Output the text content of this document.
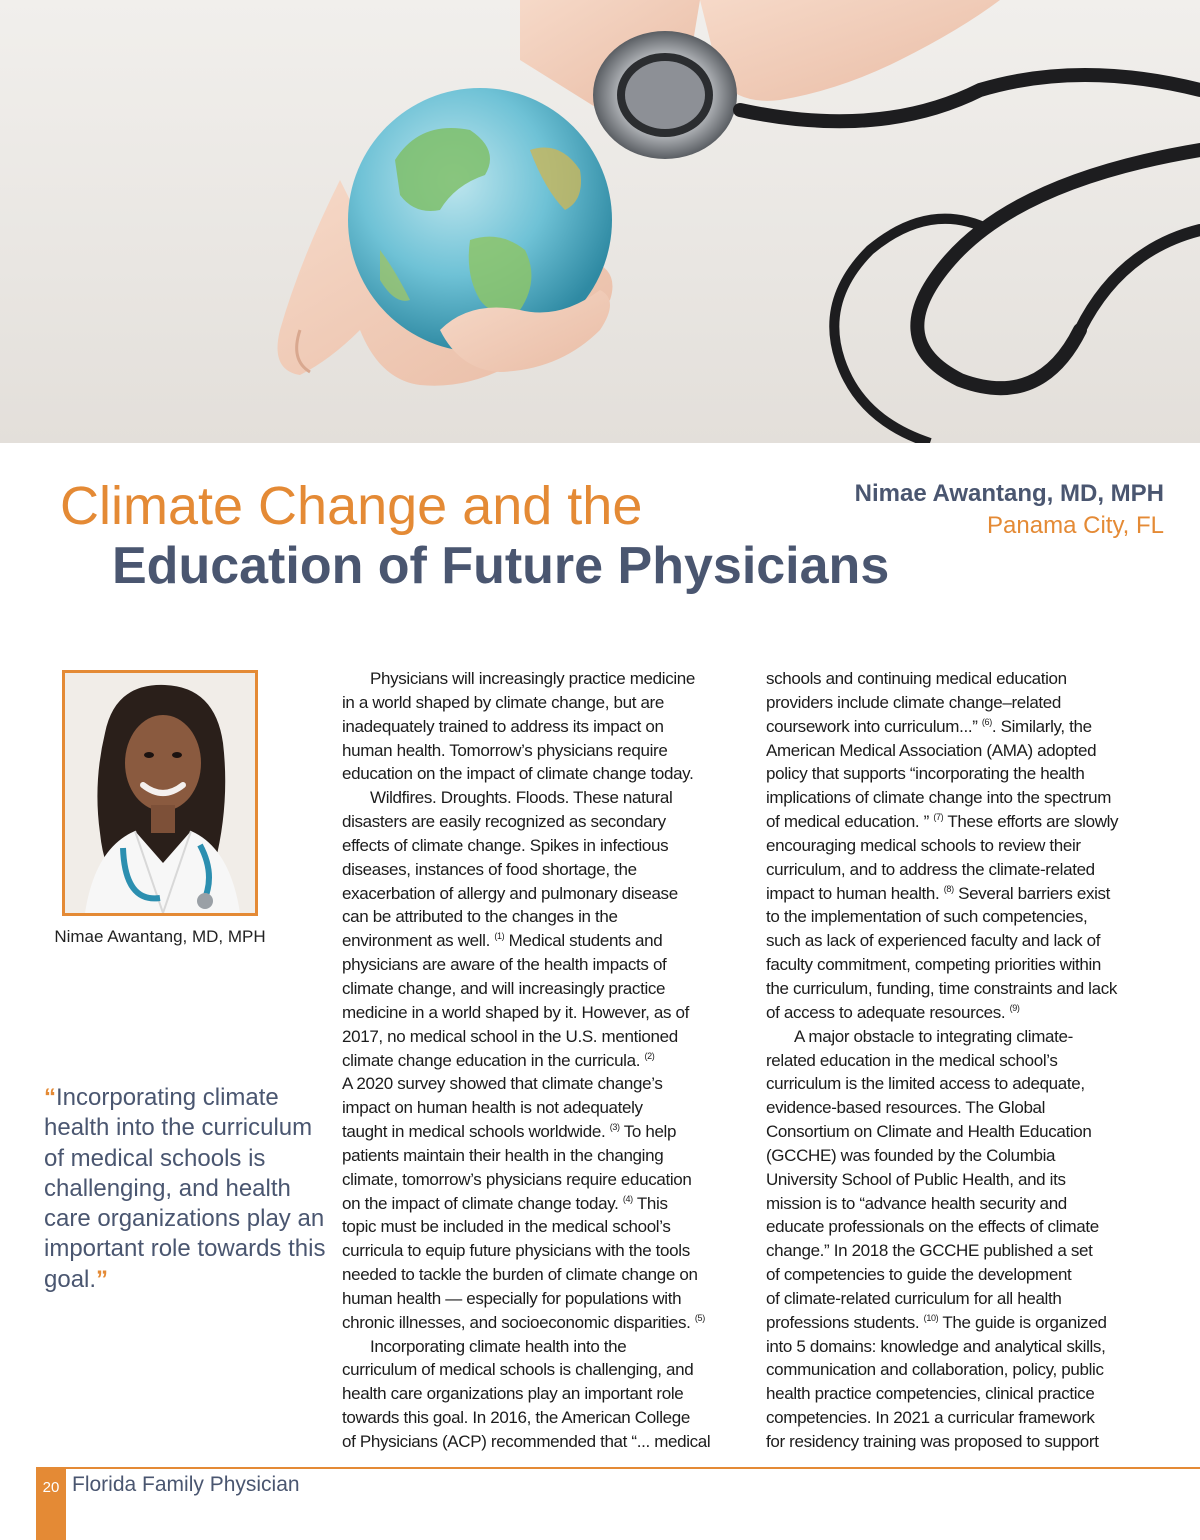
Climate Change and the
Education of Future Physicians
Nimae Awantang, MD, MPH
Panama City, FL
Nimae Awantang, MD, MPH
“Incorporating climate health into the curriculum of medical schools is challenging, and health care organizations play an important role towards this goal.”
Physicians will increasingly practice medicine
in a world shaped by climate change, but are
inadequately trained to address its impact on
human health. Tomorrow’s physicians require
education on the impact of climate change today.
Wildfires. Droughts. Floods. These natural
disasters are easily recognized as secondary
effects of climate change. Spikes in infectious
diseases, instances of food shortage, the
exacerbation of allergy and pulmonary disease
can be attributed to the changes in the
environment as well. $^{(1)}$ Medical students and
physicians are aware of the health impacts of
climate change, and will increasingly practice
medicine in a world shaped by it. However, as of
2017, no medical school in the U.S. mentioned
climate change education in the curricula. $^{(2)}$
A 2020 survey showed that climate change’s
impact on human health is not adequately
taught in medical schools worldwide. $^{(3)}$ To help
patients maintain their health in the changing
climate, tomorrow’s physicians require education
on the impact of climate change today. $^{(4)}$ This
topic must be included in the medical school’s
curricula to equip future physicians with the tools
needed to tackle the burden of climate change on
human health — especially for populations with
chronic illnesses, and socioeconomic disparities. $^{(5)}$
Incorporating climate health into the
curriculum of medical schools is challenging, and
health care organizations play an important role
towards this goal. In 2016, the American College
of Physicians (ACP) recommended that “... medical
schools and continuing medical education
providers include climate change–related
coursework into curriculum...” $^{(6)}$. Similarly, the
American Medical Association (AMA) adopted
policy that supports “incorporating the health
implications of climate change into the spectrum
of medical education. ” $^{(7)}$ These efforts are slowly
encouraging medical schools to review their
curriculum, and to address the climate-related
impact to human health. $^{(8)}$ Several barriers exist
to the implementation of such competencies,
such as lack of experienced faculty and lack of
faculty commitment, competing priorities within
the curriculum, funding, time constraints and lack
of access to adequate resources. $^{(9)}$
A major obstacle to integrating climate-
related education in the medical school’s
curriculum is the limited access to adequate,
evidence-based resources. The Global
Consortium on Climate and Health Education
(GCCHE) was founded by the Columbia
University School of Public Health, and its
mission is to “advance health security and
educate professionals on the effects of climate
change.” In 2018 the GCCHE published a set
of competencies to guide the development
of climate-related curriculum for all health
professions students. $^{(10)}$ The guide is organized
into 5 domains: knowledge and analytical skills,
communication and collaboration, policy, public
health practice competencies, clinical practice
competencies. In 2021 a curricular framework
for residency training was proposed to support
20 Florida Family Physician
